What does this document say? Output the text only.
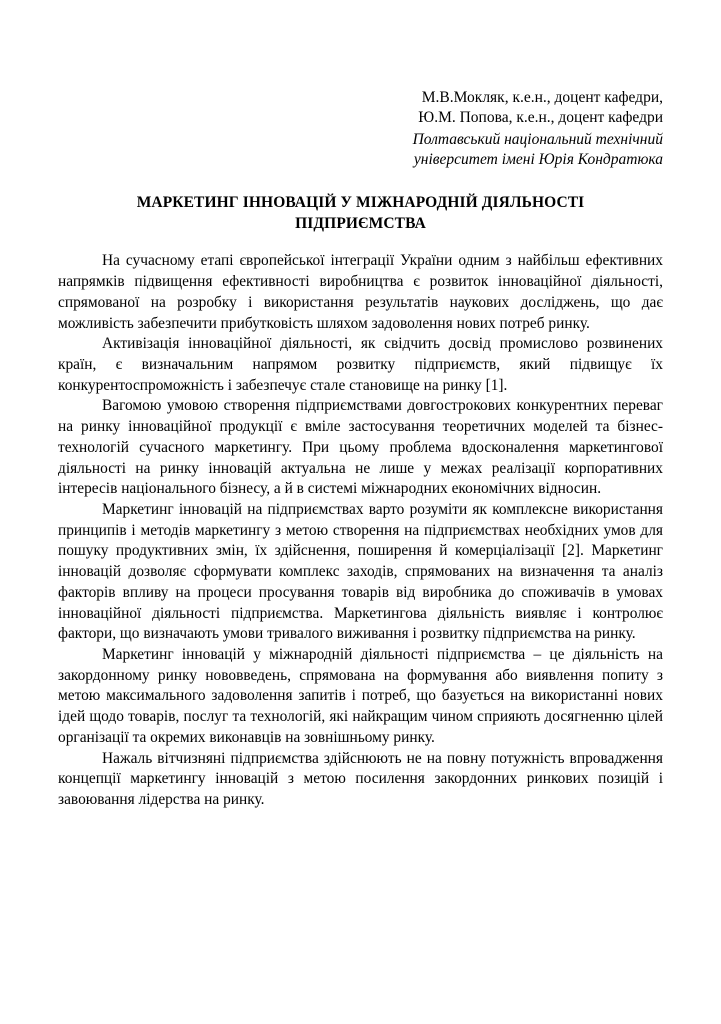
М.В.Мокляк, к.е.н., доцент кафедри,
Ю.М. Попова, к.е.н., доцент кафедри
Полтавський національний технічний
університет імені Юрія Кондратюка
МАРКЕТИНГ ІННОВАЦІЙ У МІЖНАРОДНІЙ ДІЯЛЬНОСТІ
ПІДПРИЄМСТВА

На сучасному етапі європейської інтеграції України одним з найбільш ефективних напрямків підвищення ефективності виробництва є розвиток інноваційної діяльності, спрямованої на розробку і використання результатів наукових досліджень, що дає можливість забезпечити прибутковість шляхом задоволення нових потреб ринку.

Активізація інноваційної діяльності, як свідчить досвід промислово розвинених країн, є визначальним напрямом розвитку підприємств, який підвищує їх конкурентоспроможність і забезпечує стале становище на ринку [1].

Вагомою умовою створення підприємствами довгострокових конкурентних переваг на ринку інноваційної продукції є вміле застосування теоретичних моделей та бізнес-технологій сучасного маркетингу. При цьому проблема вдосконалення маркетингової діяльності на ринку інновацій актуальна не лише у межах реалізації корпоративних інтересів національного бізнесу, а й в системі міжнародних економічних відносин.

Маркетинг інновацій на підприємствах варто розуміти як комплексне використання принципів і методів маркетингу з метою створення на підприємствах необхідних умов для пошуку продуктивних змін, їх здійснення, поширення й комерціалізації [2]. Маркетинг інновацій дозволяє сформувати комплекс заходів, спрямованих на визначення та аналіз факторів впливу на процеси просування товарів від виробника до споживачів в умовах інноваційної діяльності підприємства. Маркетингова діяльність виявляє і контролює фактори, що визначають умови тривалого виживання і розвитку підприємства на ринку.

Маркетинг інновацій у міжнародній діяльності підприємства – це діяльність на закордонному ринку нововведень, спрямована на формування або виявлення попиту з метою максимального задоволення запитів і потреб, що базується на використанні нових ідей щодо товарів, послуг та технологій, які найкращим чином сприяють досягненню цілей організації та окремих виконавців на зовнішньому ринку.

Нажаль вітчизняні підприємства здійснюють не на повну потужність впровадження концепції маркетингу інновацій з метою посилення закордонних ринкових позицій і завоювання лідерства на ринку.
